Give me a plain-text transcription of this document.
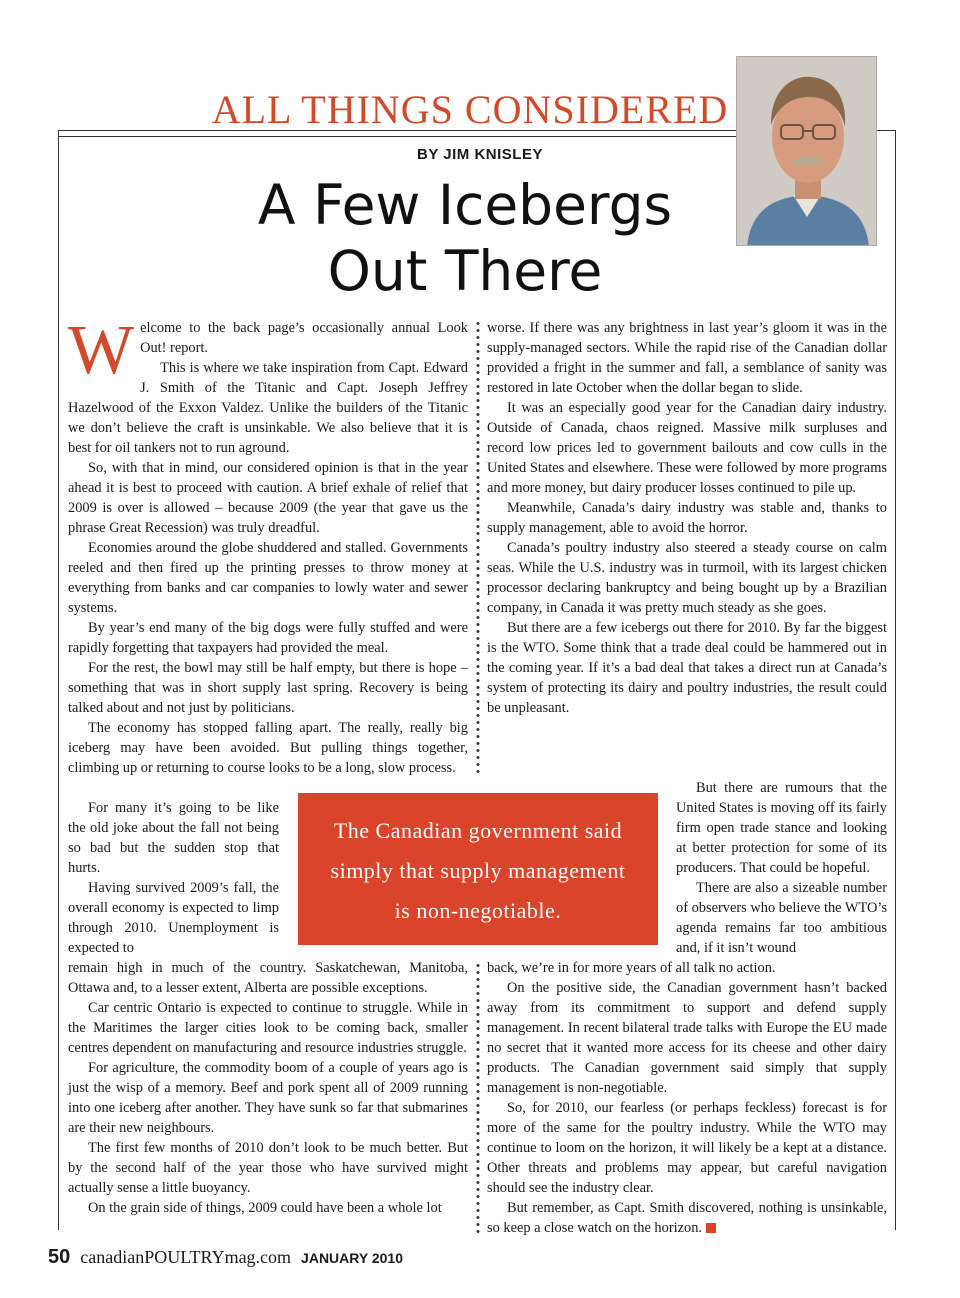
ALL THINGS CONSIDERED
BY JIM KNISLEY
A Few Icebergs
Out There
W elcome to the back page’s occasionally annual Look Out! report.

This is where we take inspiration from Capt. Edward J. Smith of the Titanic and Capt. Joseph Jeffrey Hazelwood of the Exxon Valdez. Unlike the builders of the Titanic we don’t believe the craft is unsinkable. We also believe that it is best for oil tankers not to run aground.

So, with that in mind, our considered opinion is that in the year ahead it is best to proceed with caution. A brief exhale of relief that 2009 is over is allowed – because 2009 (the year that gave us the phrase Great Recession) was truly dreadful.

Economies around the globe shuddered and stalled. Governments reeled and then fired up the printing presses to throw money at everything from banks and car companies to lowly water and sewer systems.

By year’s end many of the big dogs were fully stuffed and were rapidly forgetting that taxpayers had provided the meal.

For the rest, the bowl may still be half empty, but there is hope – something that was in short supply last spring. Recovery is being talked about and not just by politicians.

The economy has stopped falling apart. The really, really big iceberg may have been avoided. But pulling things together, climbing up or returning to course looks to be a long, slow process.

For many it’s going to be like the old joke about the fall not being so bad but the sudden stop that hurts.

Having survived 2009’s fall, the overall economy is expected to limp through 2010. Unemployment is expected to

remain high in much of the country. Saskatchewan, Manitoba, Ottawa and, to a lesser extent, Alberta are possible exceptions.

Car centric Ontario is expected to continue to struggle. While in the Maritimes the larger cities look to be coming back, smaller centres dependent on manufacturing and resource industries struggle.

For agriculture, the commodity boom of a couple of years ago is just the wisp of a memory. Beef and pork spent all of 2009 running into one iceberg after another. They have sunk so far that submarines are their new neighbours.

The first few months of 2010 don’t look to be much better. But by the second half of the year those who have survived might actually sense a little buoyancy.

On the grain side of things, 2009 could have been a whole lot

worse. If there was any brightness in last year’s gloom it was in the supply-managed sectors. While the rapid rise of the Canadian dollar provided a fright in the summer and fall, a semblance of sanity was restored in late October when the dollar began to slide.

It was an especially good year for the Canadian dairy industry. Outside of Canada, chaos reigned. Massive milk surpluses and record low prices led to government bailouts and cow culls in the United States and elsewhere. These were followed by more programs and more money, but dairy producer losses continued to pile up.

Meanwhile, Canada’s dairy industry was stable and, thanks to supply management, able to avoid the horror.

Canada’s poultry industry also steered a steady course on calm seas. While the U.S. industry was in turmoil, with its largest chicken processor declaring bankruptcy and being bought up by a Brazilian company, in Canada it was pretty much steady as she goes.

But there are a few icebergs out there for 2010. By far the biggest is the WTO. Some think that a trade deal could be hammered out in the coming year. If it’s a bad deal that takes a direct run at Canada’s system of protecting its dairy and poultry industries, the result could be unpleasant.

But there are rumours that the United States is moving off its fairly firm open trade stance and looking at better protection for some of its producers. That could be hopeful.

There are also a sizeable number of observers who believe the WTO’s agenda remains far too ambitious and, if it isn’t wound

back, we’re in for more years of all talk no action.

On the positive side, the Canadian government hasn’t backed away from its commitment to support and defend supply management. In recent bilateral trade talks with Europe the EU made no secret that it wanted more access for its cheese and other dairy products. The Canadian government said simply that supply management is non-negotiable.

So, for 2010, our fearless (or perhaps feckless) forecast is for more of the same for the poultry industry. While the WTO may continue to loom on the horizon, it will likely be a kept at a distance. Other threats and problems may appear, but careful navigation should see the industry clear.

But remember, as Capt. Smith discovered, nothing is unsinkable, so keep a close watch on the horizon.

The Canadian government said
simply that supply management
is non-negotiable.
50 canadianPOULTRYmag.com JANUARY 2010
